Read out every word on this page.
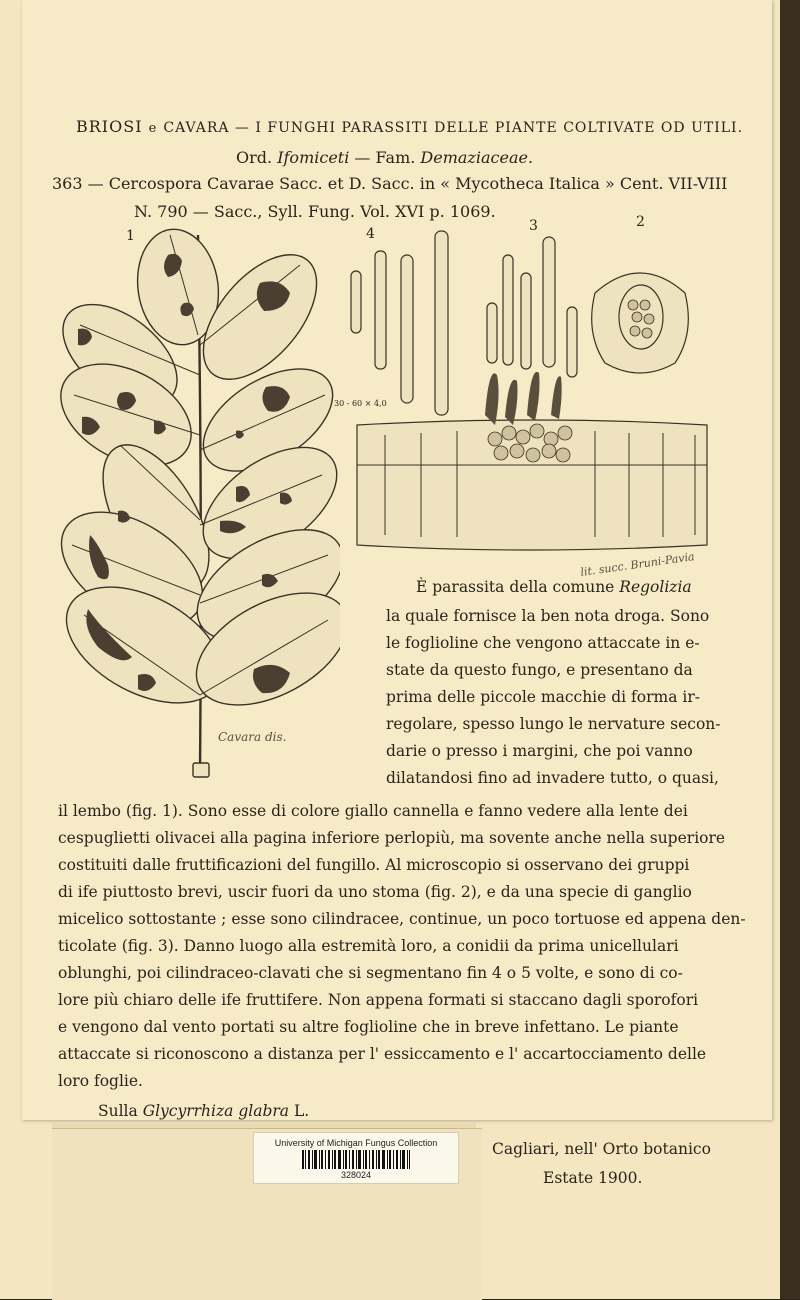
BRIOSI e CAVARA — I FUNGHI PARASSITI DELLE PIANTE COLTIVATE OD UTILI.
Ord. Ifomiceti — Fam. Demaziaceae.
363 — Cercospora Cavarae Sacc. et D. Sacc. in « Mycotheca Italica » Cent. VII-VIII
N. 790 — Sacc., Syll. Fung. Vol. XVI p. 1069.
1	4	3	2
30 - 60 × 4,0
Cavara dis.
lit. succ. Bruni-Pavia
È parassita della comune Regolizia
la quale fornisce la ben nota droga. Sono
le foglioline che vengono attaccate in e-
state da questo fungo, e presentano da
prima delle piccole macchie di forma ir-
regolare, spesso lungo le nervature secon-
darie o presso i margini, che poi vanno
dilatandosi fino ad invadere tutto, o quasi,
il lembo (fig. 1). Sono esse di colore giallo cannella e fanno vedere alla lente dei
cespuglietti olivacei alla pagina inferiore perlopiù, ma sovente anche nella superiore
costituiti dalle fruttificazioni del fungillo. Al microscopio si osservano dei gruppi
di ife piuttosto brevi, uscir fuori da uno stoma (fig. 2), e da una specie di ganglio
micelico sottostante ; esse sono cilindracee, continue, un poco tortuose ed appena den-
ticolate (fig. 3). Danno luogo alla estremità loro, a conidii da prima unicellulari
oblunghi, poi cilindraceo-clavati che si segmentano fin 4 o 5 volte, e sono di co-
lore più chiaro delle ife fruttifere. Non appena formati si staccano dagli sporofori
e vengono dal vento portati su altre foglioline che in breve infettano. Le piante
attaccate si riconoscono a distanza per l' essiccamento e l' accartocciamento delle
loro foglie.
Sulla Glycyrrhiza glabra L.
Cagliari, nell' Orto botanico
Estate 1900.
University of Michigan Fungus Collection
328024
